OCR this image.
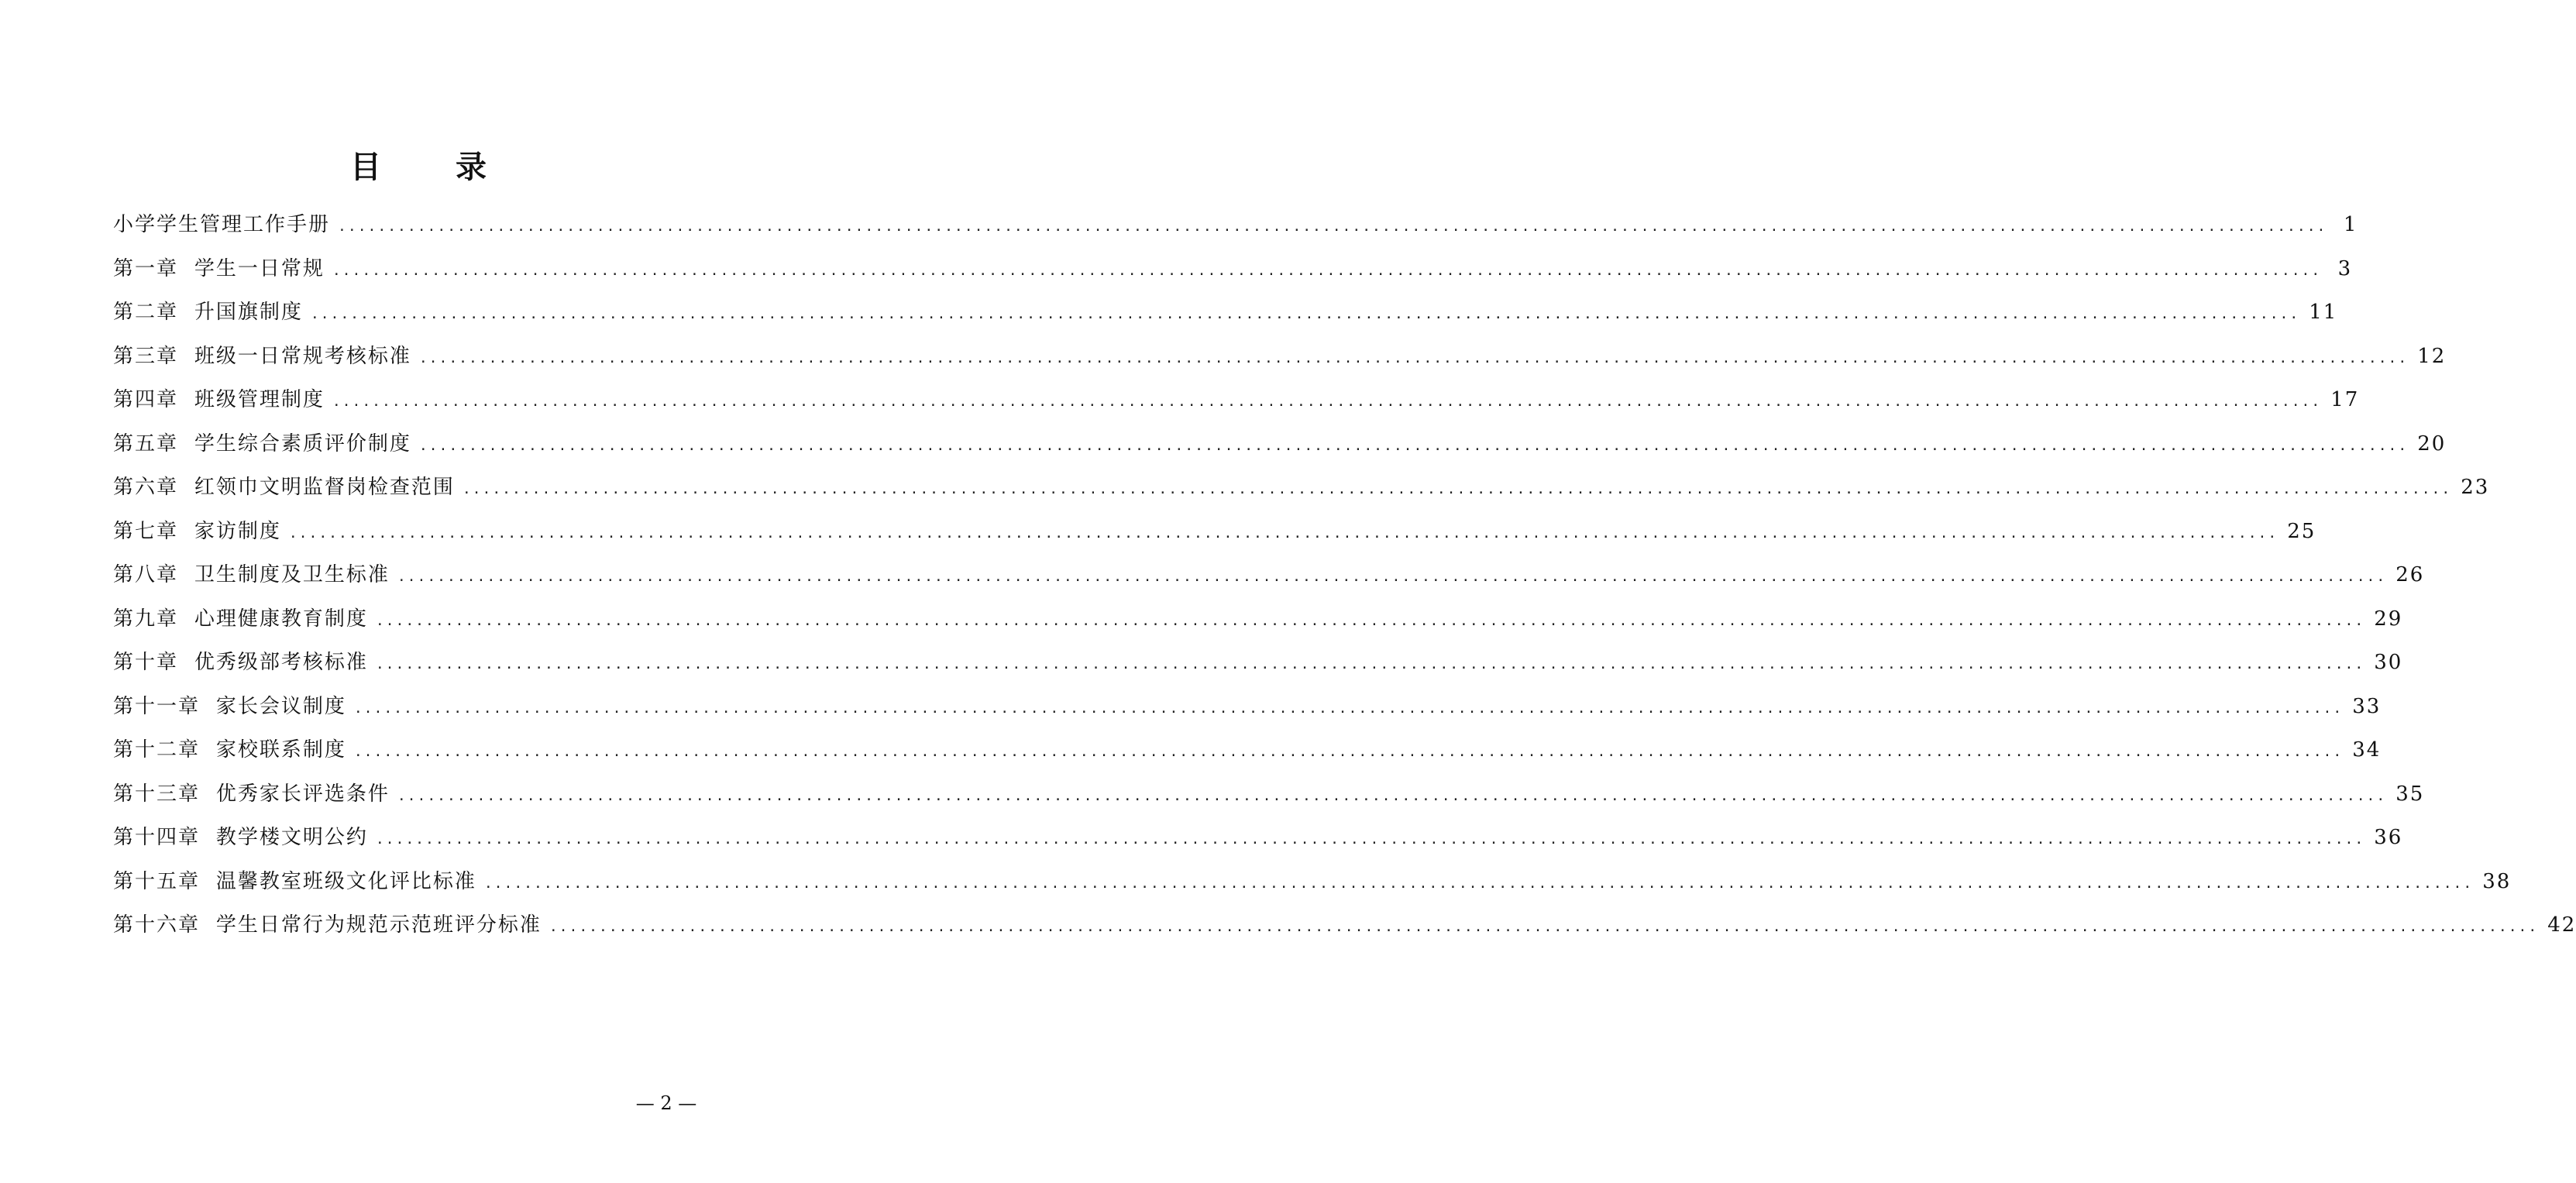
目录
小学学生管理工作手册 ........................................................................................................................................................................................................ 1
第一章 学生一日常规 ........................................................................................................................................................................................................ 3
第二章 升国旗制度 ........................................................................................................................................................................................................ 11
第三章 班级一日常规考核标准 ........................................................................................................................................................................................................ 12
第四章 班级管理制度 ........................................................................................................................................................................................................ 17
第五章 学生综合素质评价制度 ........................................................................................................................................................................................................ 20
第六章 红领巾文明监督岗检查范围 ........................................................................................................................................................................................................ 23
第七章 家访制度 ........................................................................................................................................................................................................ 25
第八章 卫生制度及卫生标准 ........................................................................................................................................................................................................ 26
第九章 心理健康教育制度 ........................................................................................................................................................................................................ 29
第十章 优秀级部考核标准 ........................................................................................................................................................................................................ 30
第十一章 家长会议制度 ........................................................................................................................................................................................................ 33
第十二章 家校联系制度 ........................................................................................................................................................................................................ 34
第十三章 优秀家长评选条件 ........................................................................................................................................................................................................ 35
第十四章 教学楼文明公约 ........................................................................................................................................................................................................ 36
第十五章 温馨教室班级文化评比标准 ........................................................................................................................................................................................................ 38
第十六章 学生日常行为规范示范班评分标准 ........................................................................................................................................................................................................ 42
— 2 —
